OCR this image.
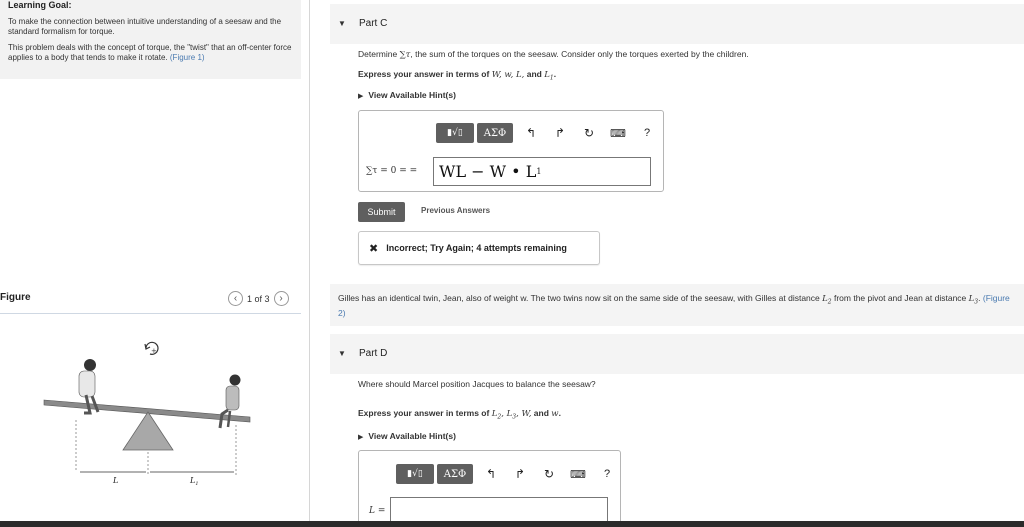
Learning Goal:
To make the connection between intuitive understanding of a seesaw and the standard formalism for torque.
This problem deals with the concept of torque, the "twist" that an off-center force applies to a body that tends to make it rotate. (Figure 1)
Figure	‹ 1 of 3 ›
+
L	$L_1$
▼ Part C
Determine ∑τ, the sum of the torques on the seesaw. Consider only the torques exerted by the children.
Express your answer in terms of W, w, L, and $L_1$.
▶ View Available Hint(s)
▮√▯	ΑΣΦ	↰	↱	↻	⌨	?
∑τ = 0 = = WL − W • L 1
Submit	Previous Answers
✖ Incorrect; Try Again; 4 attempts remaining
Gilles has an identical twin, Jean, also of weight w. The two twins now sit on the same side of the seesaw, with Gilles at distance $L_2$ from the pivot and Jean at distance $L_3$. (Figure 2)
▼ Part D
Where should Marcel position Jacques to balance the seesaw?
Express your answer in terms of $L_2$, $L_3$, W, and w.
▶ View Available Hint(s)
▮√▯	ΑΣΦ	↰	↱	↻	⌨	?
L =
